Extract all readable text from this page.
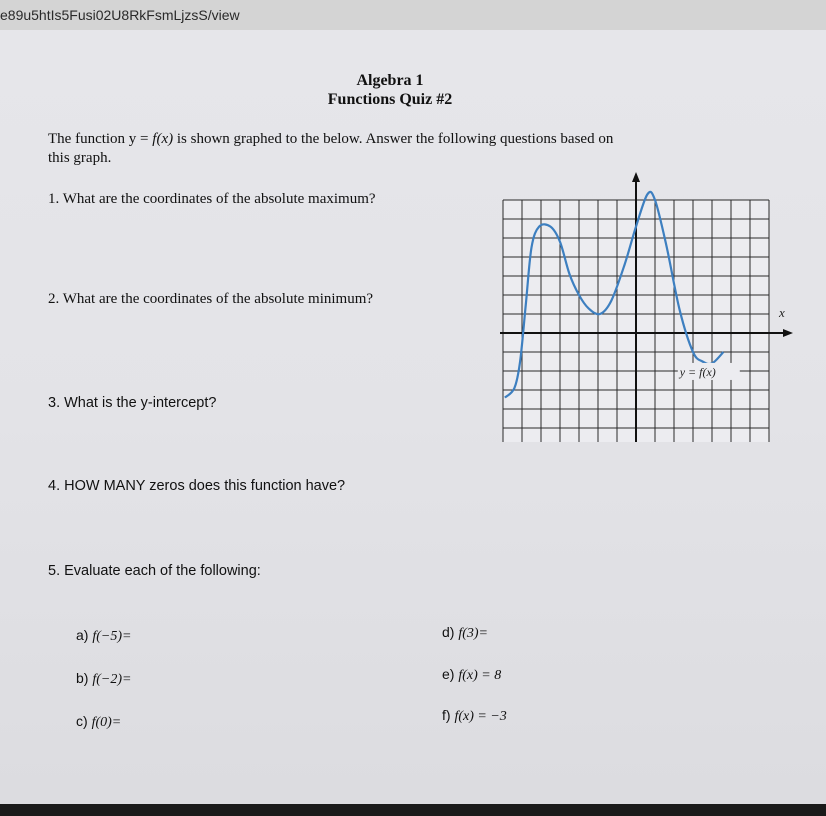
e89u5htIs5Fusi02U8RkFsmLjzsS/view
Algebra 1
Functions Quiz #2
The function y = f(x) is shown graphed to the below. Answer the following questions based on
this graph.
1. What are the coordinates of the absolute maximum?
2. What are the coordinates of the absolute minimum?
3. What is the y-intercept?
4. HOW MANY zeros does this function have?
5. Evaluate each of the following:
a) f(−5)=
b) f(−2)=
c) f(0)=
d) f(3)=
e) f(x) = 8
f) f(x) = −3
x
y = f(x)
